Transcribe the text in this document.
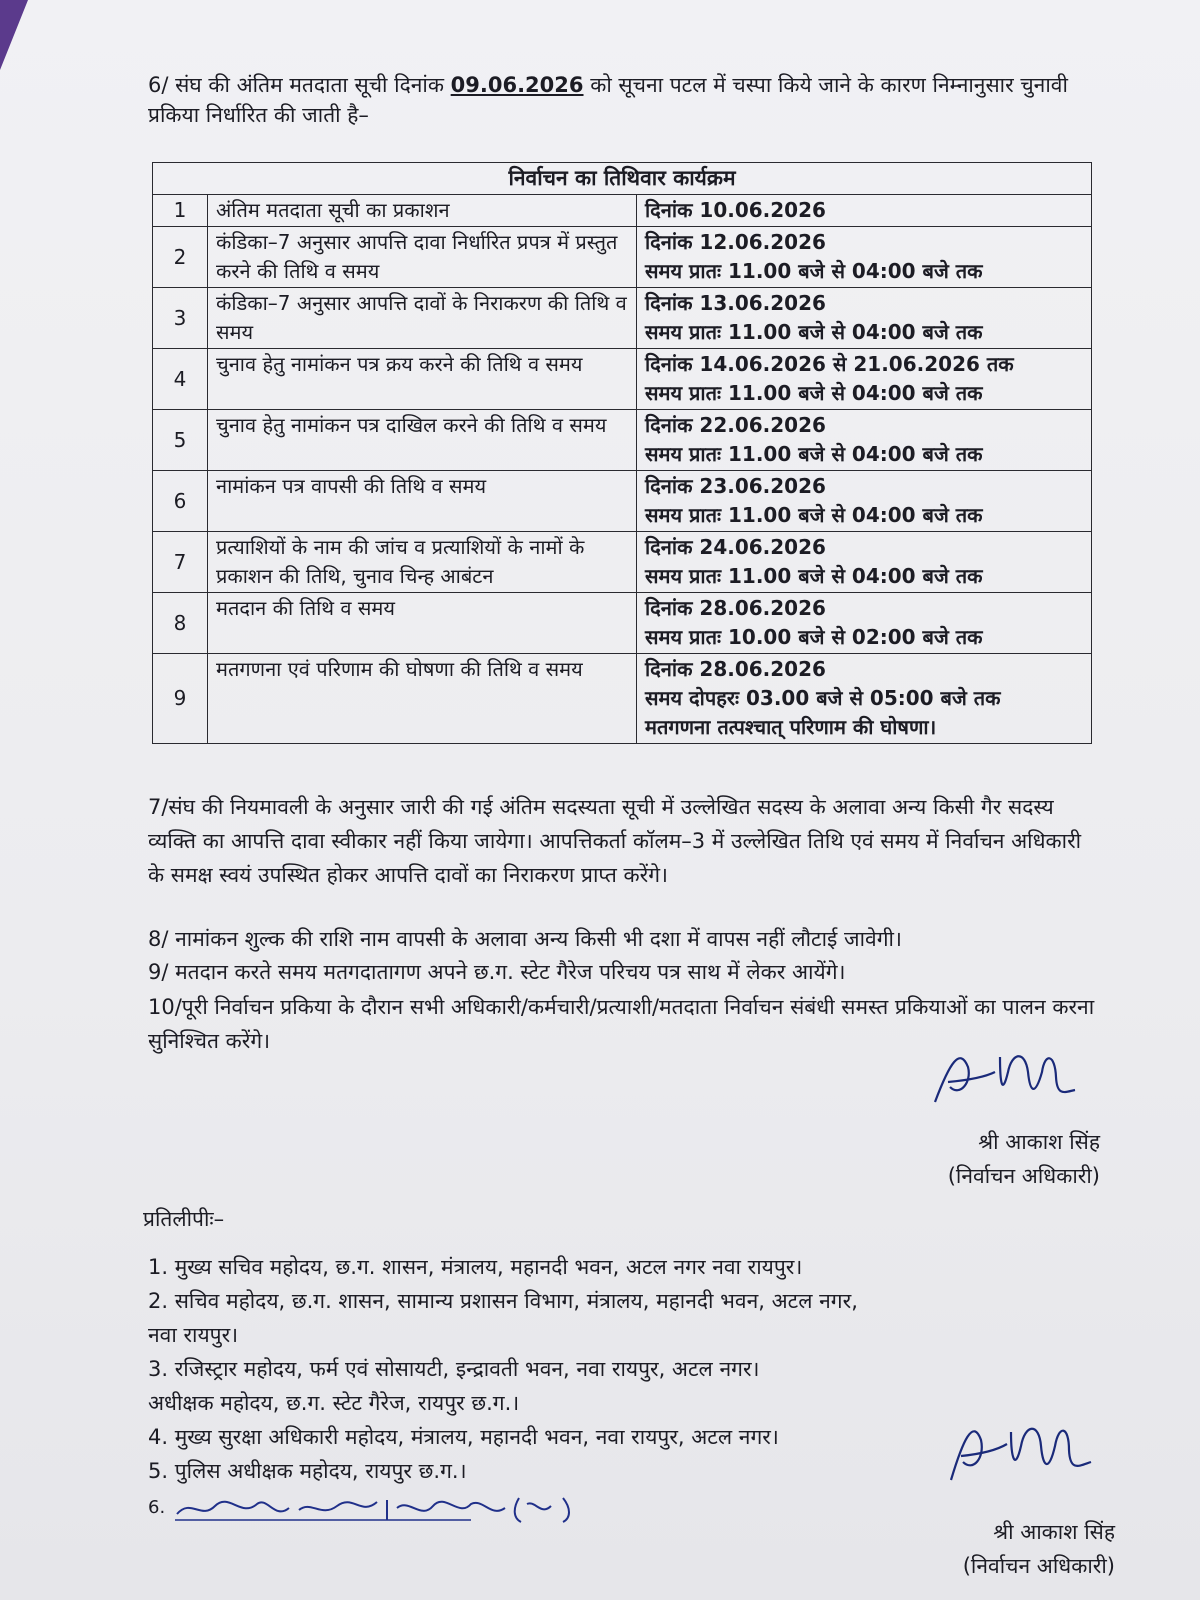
6/ संघ की अंतिम मतदाता सूची दिनांक 09.06.2026 को सूचना पटल में चस्पा किये जाने के कारण निम्नानुसार चुनावी प्रकिया निर्धारित की जाती है–
निर्वाचन का तिथिवार कार्यक्रम		
1	अंतिम मतदाता सूची का प्रकाशन	दिनांक 10.06.2026

2	कंडिका–7 अनुसार आपत्ति दावा निर्धारित प्रपत्र में प्रस्तुत करने की तिथि व समय	दिनांक 12.06.2026
समय प्रातः 11.00 बजे से 04:00 बजे तक

3	कंडिका–7 अनुसार आपत्ति दावों के निराकरण की तिथि व समय	दिनांक 13.06.2026
समय प्रातः 11.00 बजे से 04:00 बजे तक

4	चुनाव हेतु नामांकन पत्र क्रय करने की तिथि व समय	दिनांक 14.06.2026 से 21.06.2026 तक
समय प्रातः 11.00 बजे से 04:00 बजे तक

5	चुनाव हेतु नामांकन पत्र दाखिल करने की तिथि व समय	दिनांक 22.06.2026
समय प्रातः 11.00 बजे से 04:00 बजे तक

6	नामांकन पत्र वापसी की तिथि व समय	दिनांक 23.06.2026
समय प्रातः 11.00 बजे से 04:00 बजे तक

7	प्रत्याशियों के नाम की जांच व प्रत्याशियों के नामों के प्रकाशन की तिथि, चुनाव चिन्ह आबंटन	दिनांक 24.06.2026
समय प्रातः 11.00 बजे से 04:00 बजे तक

8	मतदान की तिथि व समय	दिनांक 28.06.2026
समय प्रातः 10.00 बजे से 02:00 बजे तक

9	मतगणना एवं परिणाम की घोषणा की तिथि व समय	दिनांक 28.06.2026
समय दोपहरः 03.00 बजे से 05:00 बजे तक
मतगणना तत्पश्चात् परिणाम की घोषणा।
7/संघ की नियमावली के अनुसार जारी की गई अंतिम सदस्यता सूची में उल्लेखित सदस्य के अलावा अन्य किसी गैर सदस्य व्यक्ति का आपत्ति दावा स्वीकार नहीं किया जायेगा। आपत्तिकर्ता कॉलम–3 में उल्लेखित तिथि एवं समय में निर्वाचन अधिकारी के समक्ष स्वयं उपस्थित होकर आपत्ति दावों का निराकरण प्राप्त करेंगे।
8/ नामांकन शुल्क की राशि नाम वापसी के अलावा अन्य किसी भी दशा में वापस नहीं लौटाई जावेगी।
9/ मतदान करते समय मतगदातागण अपने छ.ग. स्टेट गैरेज परिचय पत्र साथ में लेकर आयेंगे।
10/पूरी निर्वाचन प्रकिया के दौरान सभी अधिकारी/कर्मचारी/प्रत्याशी/मतदाता निर्वाचन संबंधी समस्त प्रकियाओं का पालन करना सुनिश्चित करेंगे।
श्री आकाश सिंह
(निर्वाचन अधिकारी)
प्रतिलीपीः–
1. मुख्य सचिव महोदय, छ.ग. शासन, मंत्रालय, महानदी भवन, अटल नगर नवा रायपुर।
2. सचिव महोदय, छ.ग. शासन, सामान्य प्रशासन विभाग, मंत्रालय, महानदी भवन, अटल नगर,
नवा रायपुर।
3. रजिस्ट्रार महोदय, फर्म एवं सोसायटी, इन्द्रावती भवन, नवा रायपुर, अटल नगर।
अधीक्षक महोदय, छ.ग. स्टेट गैरेज, रायपुर छ.ग.।
4. मुख्य सुरक्षा अधिकारी महोदय, मंत्रालय, महानदी भवन, नवा रायपुर, अटल नगर।
5. पुलिस अधीक्षक महोदय, रायपुर छ.ग.।
6.
श्री आकाश सिंह
(निर्वाचन अधिकारी)
